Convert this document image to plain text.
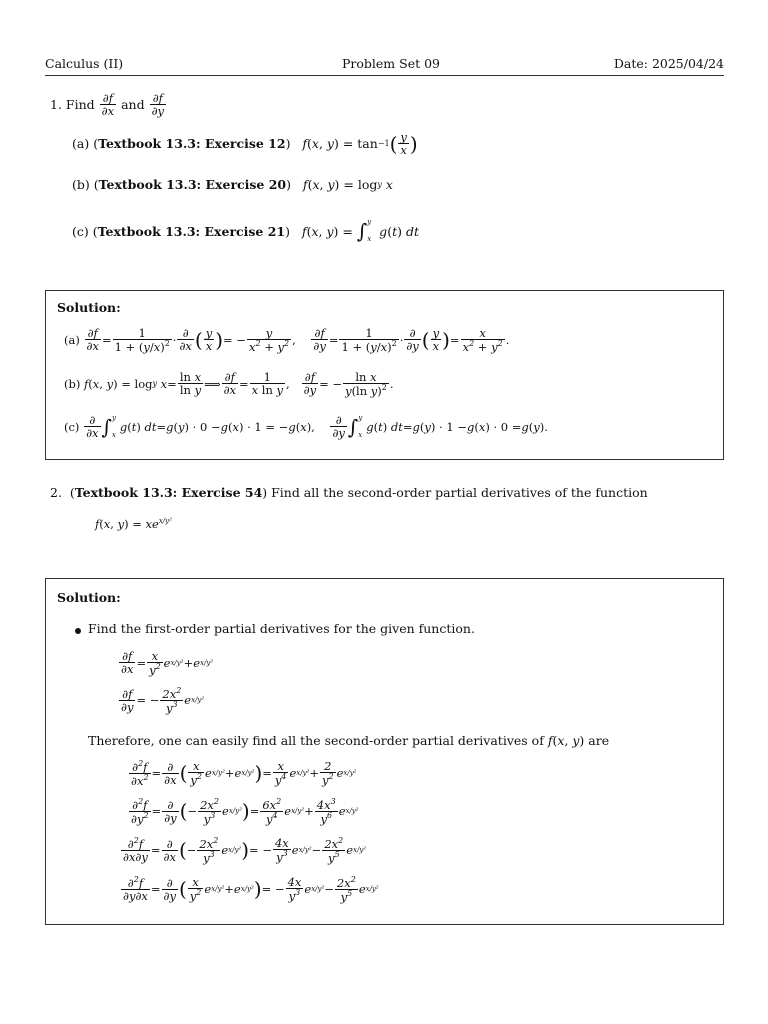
Calculus (II)	Problem Set 09	Date: 2025/04/24
1.
Find
$\frac{\partial f}{\partial x}$
and
$\frac{\partial f}{\partial y}$
(a) ( Textbook 13.3: Exercise 12 ) f ( x , y ) = tan −1 ( $\frac{y}{x}$ )
(b) ( Textbook 13.3: Exercise 20 ) f ( x , y ) = log y
x
(c) ( Textbook 13.3: Exercise 21 ) f ( x , y ) = ∫ y
x

g ( t ) dt
Solution:
$(a) \frac{\partial f}{\partial x} = \frac{1}{1 + (y/x)^2} \cdot \frac{\partial}{\partial x}$ ( $\frac{y}{x}$ ) = − $\frac{y}{x^2 + y^2}$ , $\frac{\partial f}{\partial y} = \frac{1}{1 + (y/x)^2} \cdot \frac{\partial}{\partial y}$ ( $\frac{y}{x}$ ) = $\frac{x}{x^2 + y^2}$ .
(b) f ( x , y ) = log y
$x = \frac{\text{ln x}}{\text{ln y}}$ ⟹ $\frac{\partial f}{\partial x} = \frac{1}{\text{x ln y}}$ , $\frac{\partial f}{\partial y}$ = − $\frac{\text{ln x}}{y(\ln y)^2}$ .
$(c) \frac{\partial}{\partial x}$ ∫ y
x
g ( t ) dt = g ( y ) · 0 − g ( x ) · 1 = − g ( x ), $\frac{\partial}{\partial y}$ ∫ y
x
g ( t ) dt = g ( y ) · 1 − g ( x ) · 0 = g ( y ).
2.  (Textbook 13.3: Exercise 54) Find all the second-order partial derivatives of the function
f(x, $y) = xe^{x/y^2}$
Solution:
Find the first-order partial derivatives for the given function.
$\frac{\partial f}{\partial x} = \frac{x}{y^2}$ e x/y² + e x/y²
$\frac{\partial f}{\partial y}$ = − $\frac{2x^2}{y^3}$ e x/y²
Therefore, one can easily find all the second-order partial derivatives of f(x, y) are
$\frac{\partial^2f}{\partial x^2} = \frac{\partial}{\partial x}$ ( $\frac{x}{y^2}$ e x/y² + e x/y² ) = $\frac{x}{y^4}$ e $x/y^2 + \frac{2}{y^2}$ e x/y²
$\frac{\partial^2f}{\partial y^2} = \frac{\partial}{\partial y}$ ( − $\frac{2x^2}{y^3}$ e x/y² ) = $\frac{6x^2}{y^4}$ e $x/y^2 + \frac{4x^3}{y^6}$ e x/y²
$\frac{\partial^2f}{\partial x\partial y} = \frac{\partial}{\partial x}$ ( − $\frac{2x^2}{y^3}$ e x/y² ) = − $\frac{4x}{y^3}$ e $x/y^2 - \frac{2x^2}{y^5}$ e x/y²
$\frac{\partial^2f}{\partial y\partial x} = \frac{\partial}{\partial y}$ ( $\frac{x}{y^2}$ e x/y² + e x/y² ) = − $\frac{4x}{y^3}$ e $x/y^2 - \frac{2x^2}{y^5}$ e x/y²
